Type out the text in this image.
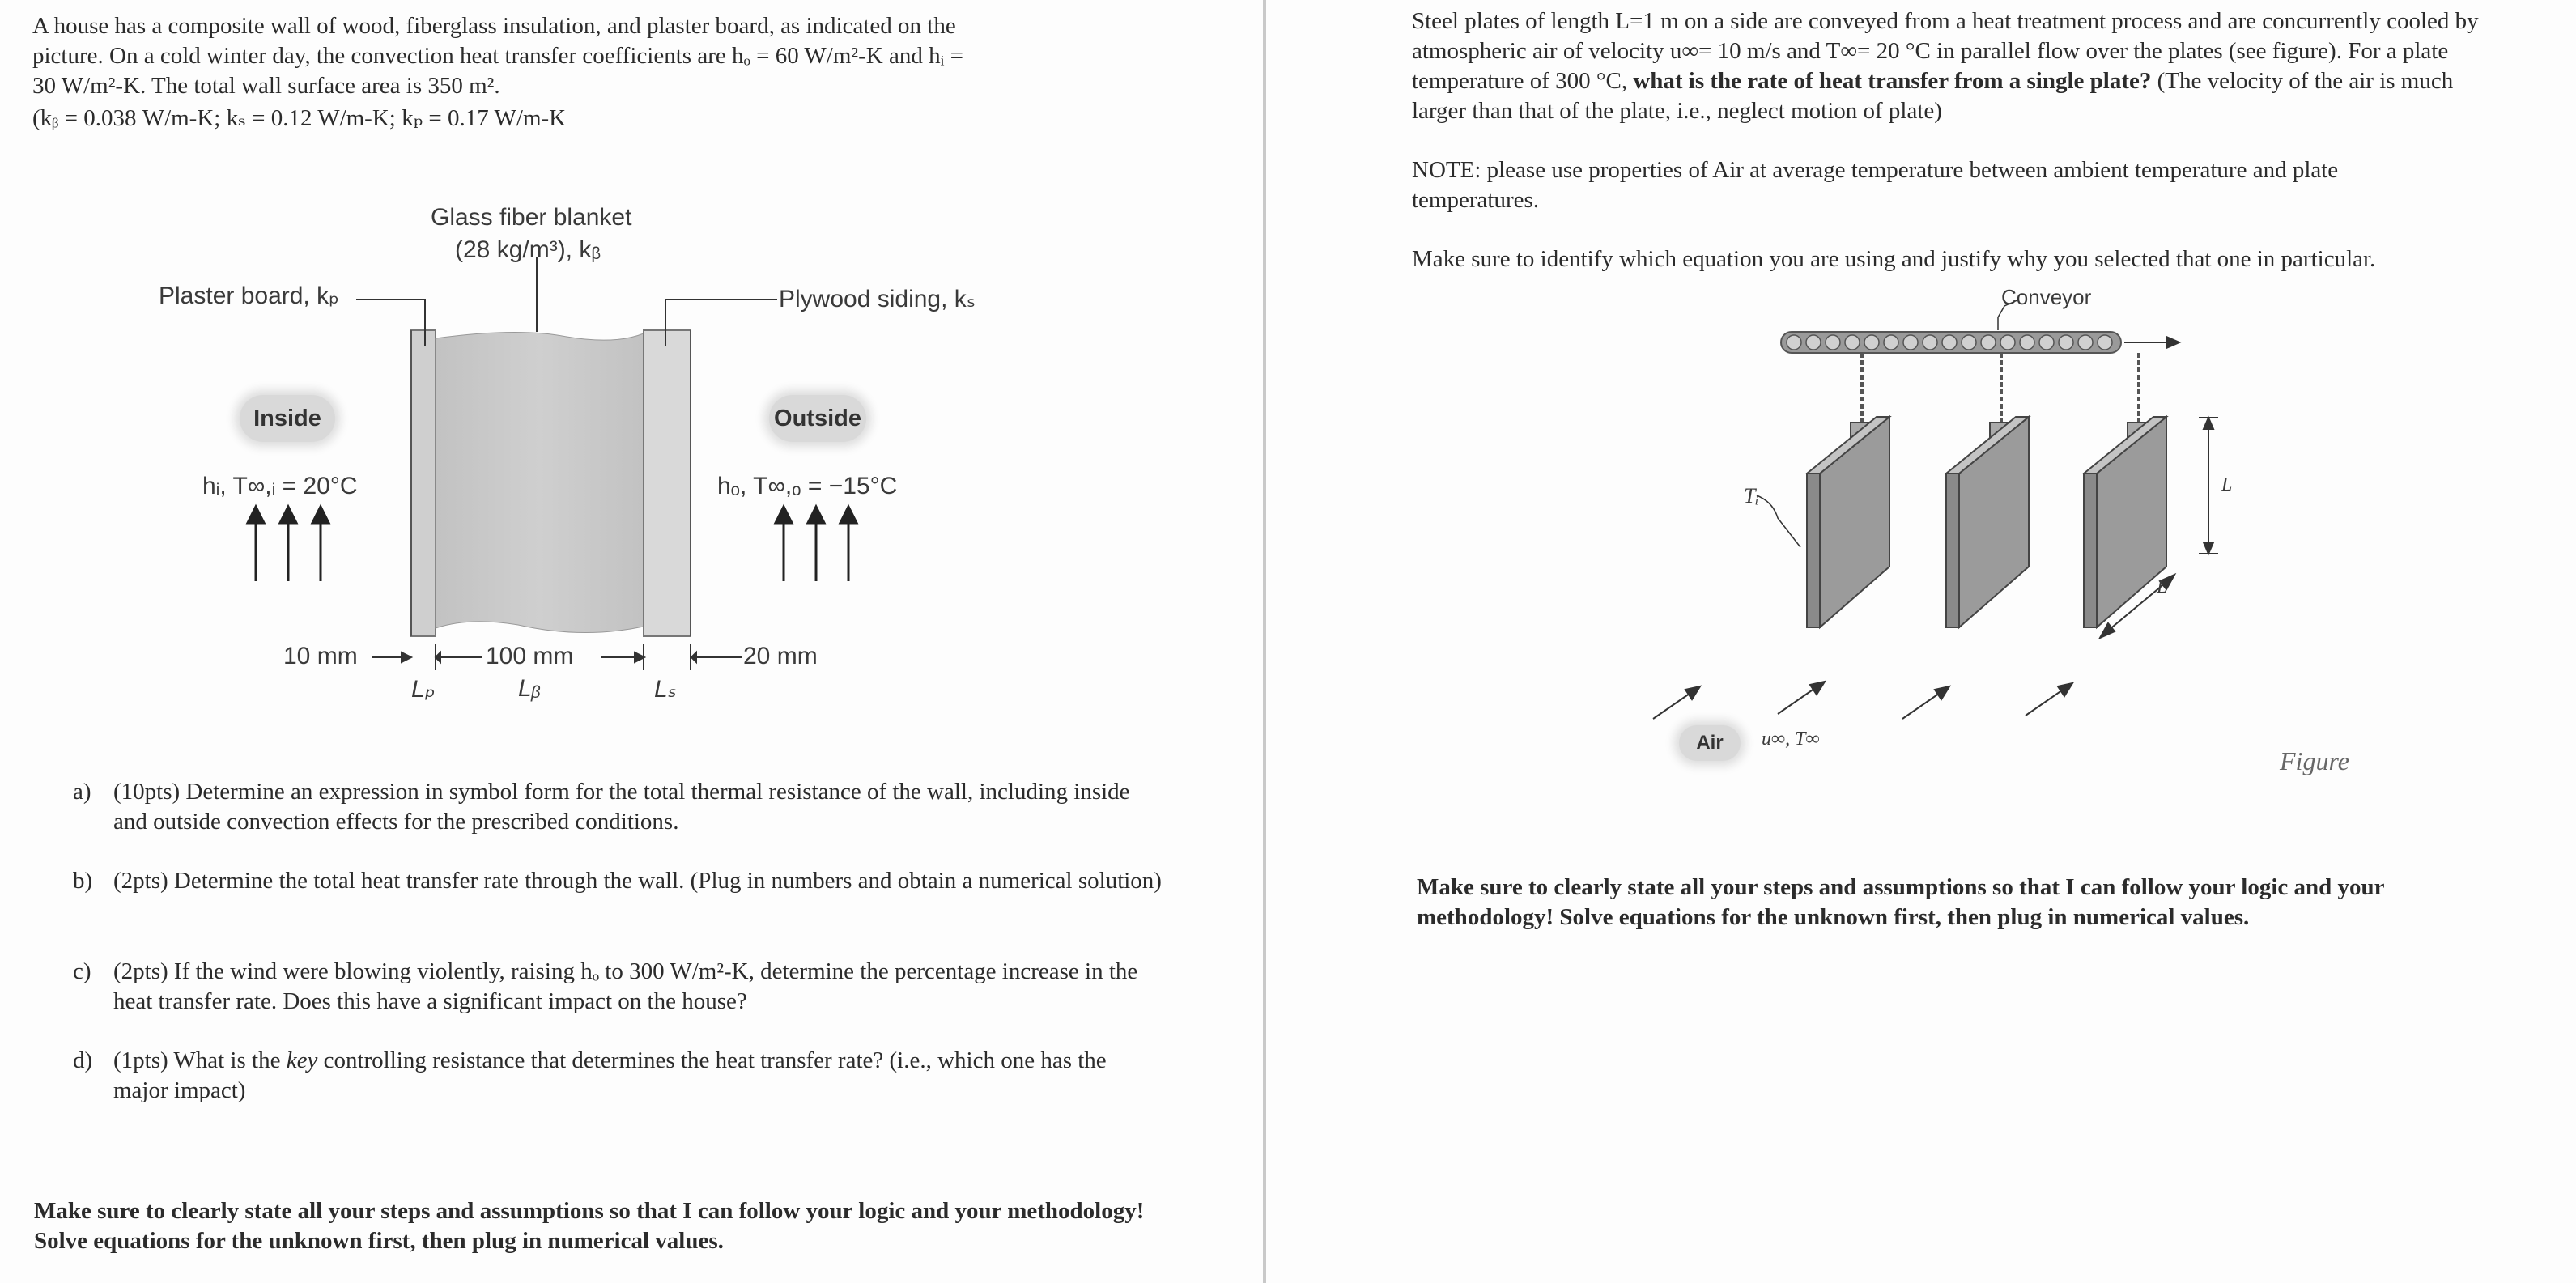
A house has a composite wall of wood, fiberglass insulation, and plaster board, as indicated on the

picture. On a cold winter day, the convection heat transfer coefficients are hₒ = 60 W/m²-K and hᵢ =

30 W/m²-K. The total wall surface area is 350 m².

(kᵦ = 0.038 W/m-K; kₛ = 0.12 W/m-K; kₚ = 0.17 W/m-K

Glass fiber blanket
(28 kg/m³), kᵦ
Plaster board, kₚ	Plywood siding, kₛ
Inside	Outside
hᵢ, T∞,ᵢ = 20°C	hₒ, T∞,ₒ = −15°C
10 mm	100 mm	20 mm
Lₚ	Lᵦ	Lₛ
a) (10pts) Determine an expression in symbol form for the total thermal resistance of the wall, including inside and outside convection effects for the prescribed conditions.
b) (2pts) Determine the total heat transfer rate through the wall. (Plug in numbers and obtain a numerical solution)
c) (2pts) If the wind were blowing violently, raising hₒ to 300 W/m²-K, determine the percentage increase in the heat transfer rate. Does this have a significant impact on the house?
d) (1pts) What is the key controlling resistance that determines the heat transfer rate? (i.e., which one has the major impact)

Make sure to clearly state all your steps and assumptions so that I can follow your logic and your methodology! Solve equations for the unknown first, then plug in numerical values.

Steel plates of length L=1 m on a side are conveyed from a heat treatment process and are concurrently cooled by atmospheric air of velocity u∞= 10 m/s and T∞= 20 °C in parallel flow over the plates (see figure). For a plate temperature of 300 °C, what is the rate of heat transfer from a single plate? (The velocity of the air is much larger than that of the plate, i.e., neglect motion of plate)

NOTE: please use properties of Air at average temperature between ambient temperature and plate temperatures.

Make sure to identify which equation you are using and justify why you selected that one in particular.

Conveyor
Tᵢ	L
L
Air	u∞, T∞
Figure

Make sure to clearly state all your steps and assumptions so that I can follow your logic and your methodology! Solve equations for the unknown first, then plug in numerical values.
